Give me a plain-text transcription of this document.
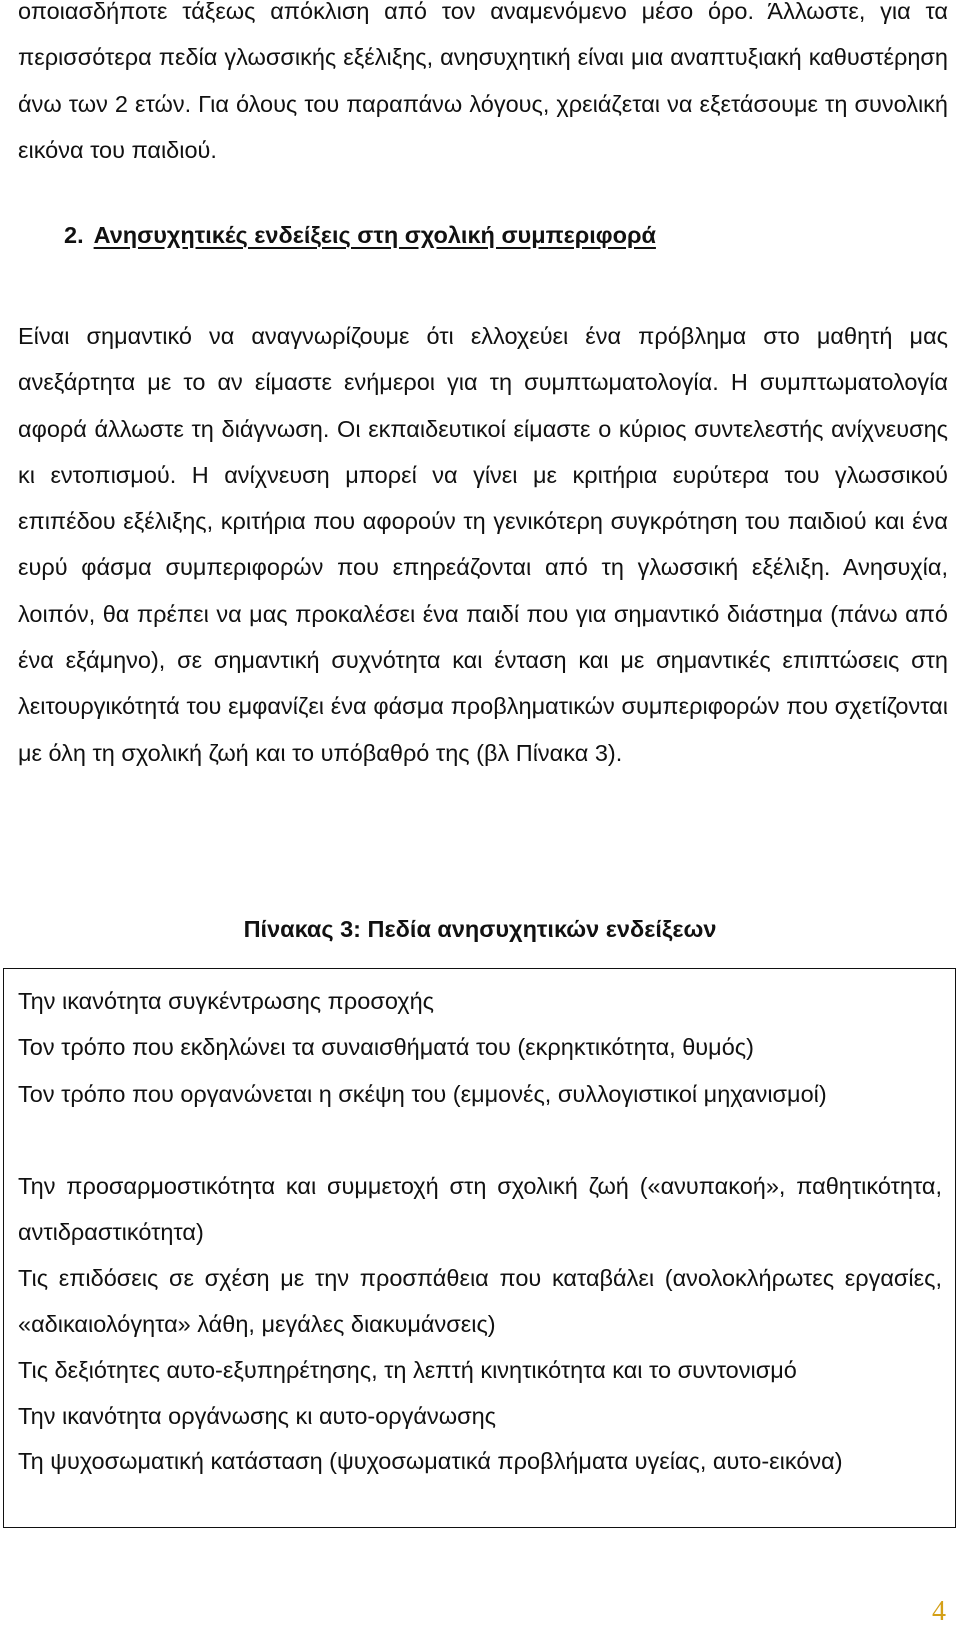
οποιασδήποτε τάξεως απόκλιση από τον αναμενόμενο μέσο όρο. Άλλωστε, για τα περισσότερα πεδία γλωσσικής εξέλιξης, ανησυχητική είναι μια αναπτυξιακή καθυστέρηση άνω των 2 ετών. Για όλους του παραπάνω λόγους, χρειάζεται να εξετάσουμε τη συνολική εικόνα του παιδιού.

2. Ανησυχητικές ενδείξεις στη σχολική συμπεριφορά

Είναι σημαντικό να αναγνωρίζουμε ότι ελλοχεύει ένα πρόβλημα στο μαθητή μας ανεξάρτητα με το αν είμαστε ενήμεροι για τη συμπτωματολογία. Η συμπτωματολογία αφορά άλλωστε τη διάγνωση. Οι εκπαιδευτικοί είμαστε ο κύριος συντελεστής ανίχνευσης κι εντοπισμού. Η ανίχνευση μπορεί να γίνει με κριτήρια ευρύτερα του γλωσσικού επιπέδου εξέλιξης, κριτήρια που αφορούν τη γενικότερη συγκρότηση του παιδιού και ένα ευρύ φάσμα συμπεριφορών που επηρεάζονται από τη γλωσσική εξέλιξη. Ανησυχία, λοιπόν, θα πρέπει να μας προκαλέσει ένα παιδί που για σημαντικό διάστημα (πάνω από ένα εξάμηνο), σε σημαντική συχνότητα και ένταση και με σημαντικές επιπτώσεις στη λειτουργικότητά του εμφανίζει ένα φάσμα προβληματικών συμπεριφορών που σχετίζονται με όλη τη σχολική ζωή και το υπόβαθρό της (βλ Πίνακα 3).

Πίνακας 3: Πεδία ανησυχητικών ενδείξεων

Την ικανότητα συγκέντρωσης προσοχής

Τον τρόπο που εκδηλώνει τα συναισθήματά του (εκρηκτικότητα, θυμός)

Τον τρόπο που οργανώνεται η σκέψη του (εμμονές, συλλογιστικοί μηχανισμοί)

Την προσαρμοστικότητα και συμμετοχή στη σχολική ζωή («ανυπακοή», παθητικότητα, αντιδραστικότητα)

Τις επιδόσεις σε σχέση με την προσπάθεια που καταβάλει (ανολοκλήρωτες εργασίες, «αδικαιολόγητα» λάθη, μεγάλες διακυμάνσεις)

Τις δεξιότητες αυτο-εξυπηρέτησης, τη λεπτή κινητικότητα και το συντονισμό

Την ικανότητα οργάνωσης κι αυτο-οργάνωσης

Τη ψυχοσωματική κατάσταση (ψυχοσωματικά προβλήματα υγείας, αυτο-εικόνα)

4
